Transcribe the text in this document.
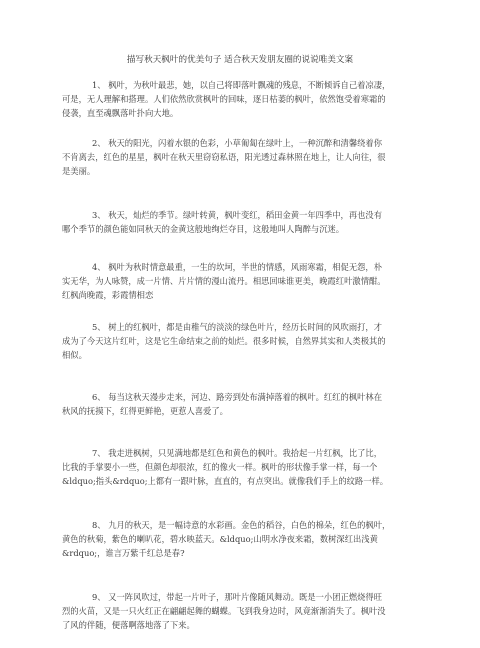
描写秋天枫叶的优美句子 适合秋天发朋友圈的说说唯美文案
1、 枫叶，为秋叶最悲，她，以自己将即落叶飘魂的残息，不断倾诉自己着凉凄，
可是，无人理解和搭理。人们依然欣赏枫叶的回味，逐日枯萎的枫叶，依然饱受着寒霜的
侵袭，直至魂飘落叶扑向大地。
2、 秋天的阳光，闪着水银的色彩，小草匍匐在绿叶上，一种沉醉和清馨绕着你
不肯离去，红色的星星，枫叶在秋天里窃窃私语，阳光透过森林照在地上，让人向往，很
是美丽。
3、 秋天，灿烂的季节。绿叶转黄，枫叶变红，稻田金黄一年四季中，再也没有
哪个季节的颜色能如同秋天的金黄这般地绚烂夺目，这般地叫人陶醉与沉迷。
4、 枫叶为秋时情意最重，一生的坎坷，半世的情感，风雨寒霜，相促无怨，朴
实无华，为人咏赞，成一片情、片片情的漫山流丹。相思回味谁更美，晚霞红叶激情酣。
红枫尚晚霞，彩霞情相恋
5、 树上的红枫叶，都是由稚气的淡淡的绿色叶片，经历长时间的风吹雨打，才
成为了今天这片红叶，这是它生命结束之前的灿烂。很多时候，自然界其实和人类极其的
相似。
6、 每当这秋天漫步走来，河边、路旁到处布满掉落着的枫叶。红红的枫叶林在
秋风的抚摸下，红得更鲜艳，更惹人喜爱了。
7、 我走进枫树，只见满地都是红色和黄色的枫叶。我拾起一片红枫，比了比，
比我的手掌要小一些，但颜色却很浓，红的像火一样。枫叶的形状像手掌一样，每一个
&ldquo;指头&rdquo;上都有一跟叶脉，直直的，有点突出。就像我们手上的纹路一样。
8、 九月的秋天，是一幅诗意的水彩画。金色的稻谷，白色的棉朵，红色的枫叶，
黄色的秋菊，紫色的喇叭花，碧水映蓝天。&ldquo;山明水净夜来霜，数树深红出浅黄
&rdquo;，谁言万紫千红总是春?
9、 又一阵风吹过，带起一片叶子，那叶片像随风舞动。既是一小团正燃烧得旺
烈的火苗，又是一只火红正在翩翩起舞的蝴蝶。飞到我身边时，风竟渐渐消失了。枫叶没
了风的伴随，便落啊落地落了下来。
